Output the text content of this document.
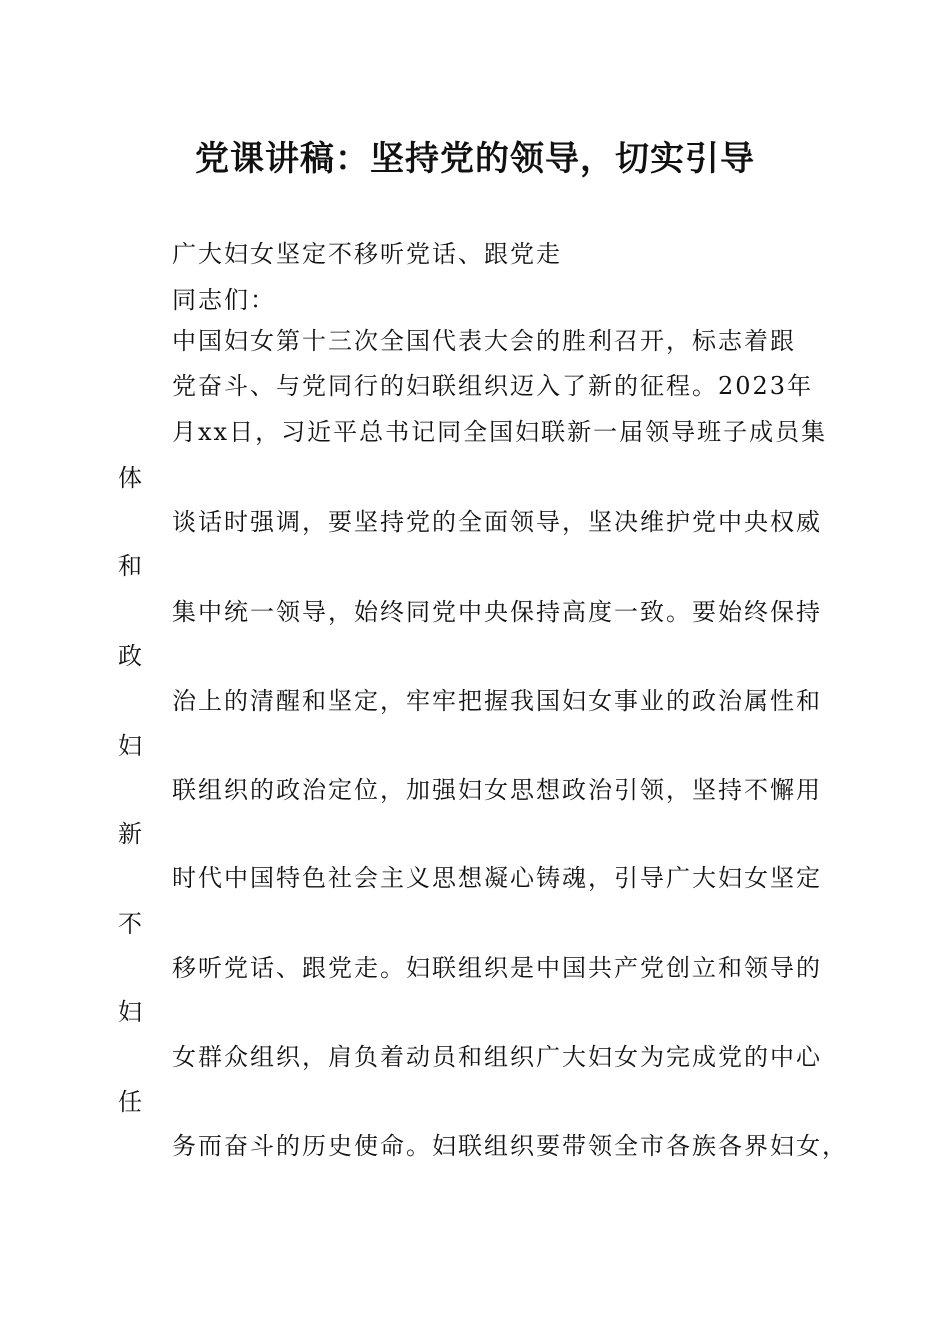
党课讲稿：坚持党的领导，切实引导
广大妇女坚定不移听党话、跟党走
同志们：
中国妇女第十三次全国代表大会的胜利召开，标志着跟
党奋斗、与党同行的妇联组织迈入了新的征程。2023年
月xx日，习近平总书记同全国妇联新一届领导班子成员集
体
谈话时强调，要坚持党的全面领导，坚决维护党中央权威
和
集中统一领导，始终同党中央保持高度一致。要始终保持
政
治上的清醒和坚定，牢牢把握我国妇女事业的政治属性和
妇
联组织的政治定位，加强妇女思想政治引领，坚持不懈用
新
时代中国特色社会主义思想凝心铸魂，引导广大妇女坚定
不
移听党话、跟党走。妇联组织是中国共产党创立和领导的
妇
女群众组织，肩负着动员和组织广大妇女为完成党的中心
任
务而奋斗的历史使命。妇联组织要带领全市各族各界妇女，
